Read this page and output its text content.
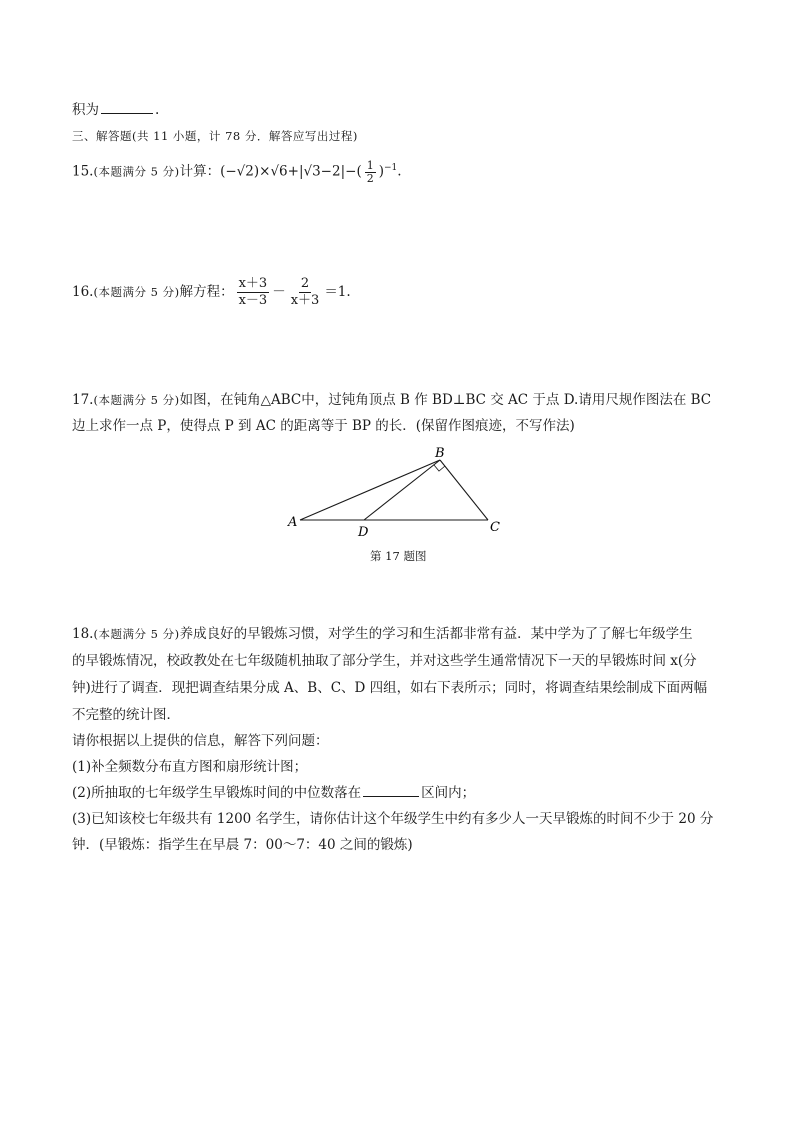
积为	.
三、解答题(共 11 小题，计 78 分．解答应写出过程)
15.(本题满分 5 分)计算：$(-√2)\times√6+|√3-2|-( \frac{1}{2} )^{-1}$.
16.(本题满分 5 分)解方程： $\frac{x+3}{x-3} - \frac{2}{x+3} =1$.
17.(本题满分 5 分)如图，在钝角△ABC中，过钝角顶点 B 作 BD⊥BC 交 AC 于点 D.请用尺规作图法在 BC
边上求作一点 P，使得点 P 到 AC 的距离等于 BP 的长．(保留作图痕迹，不写作法)
A
B
C
D
第 17 题图
18.(本题满分 5 分)养成良好的早锻炼习惯，对学生的学习和生活都非常有益．某中学为了了解七年级学生
的早锻炼情况，校政教处在七年级随机抽取了部分学生，并对这些学生通常情况下一天的早锻炼时间 x(分
钟)进行了调查．现把调查结果分成 A、B、C、D 四组，如右下表所示；同时，将调查结果绘制成下面两幅
不完整的统计图．
请你根据以上提供的信息，解答下列问题：
(1)补全频数分布直方图和扇形统计图；
(2)所抽取的七年级学生早锻炼时间的中位数落在	区间内；
(3)已知该校七年级共有 1200 名学生，请你估计这个年级学生中约有多少人一天早锻炼的时间不少于 20 分
钟．(早锻炼：指学生在早晨 7：00～7：40 之间的锻炼)
